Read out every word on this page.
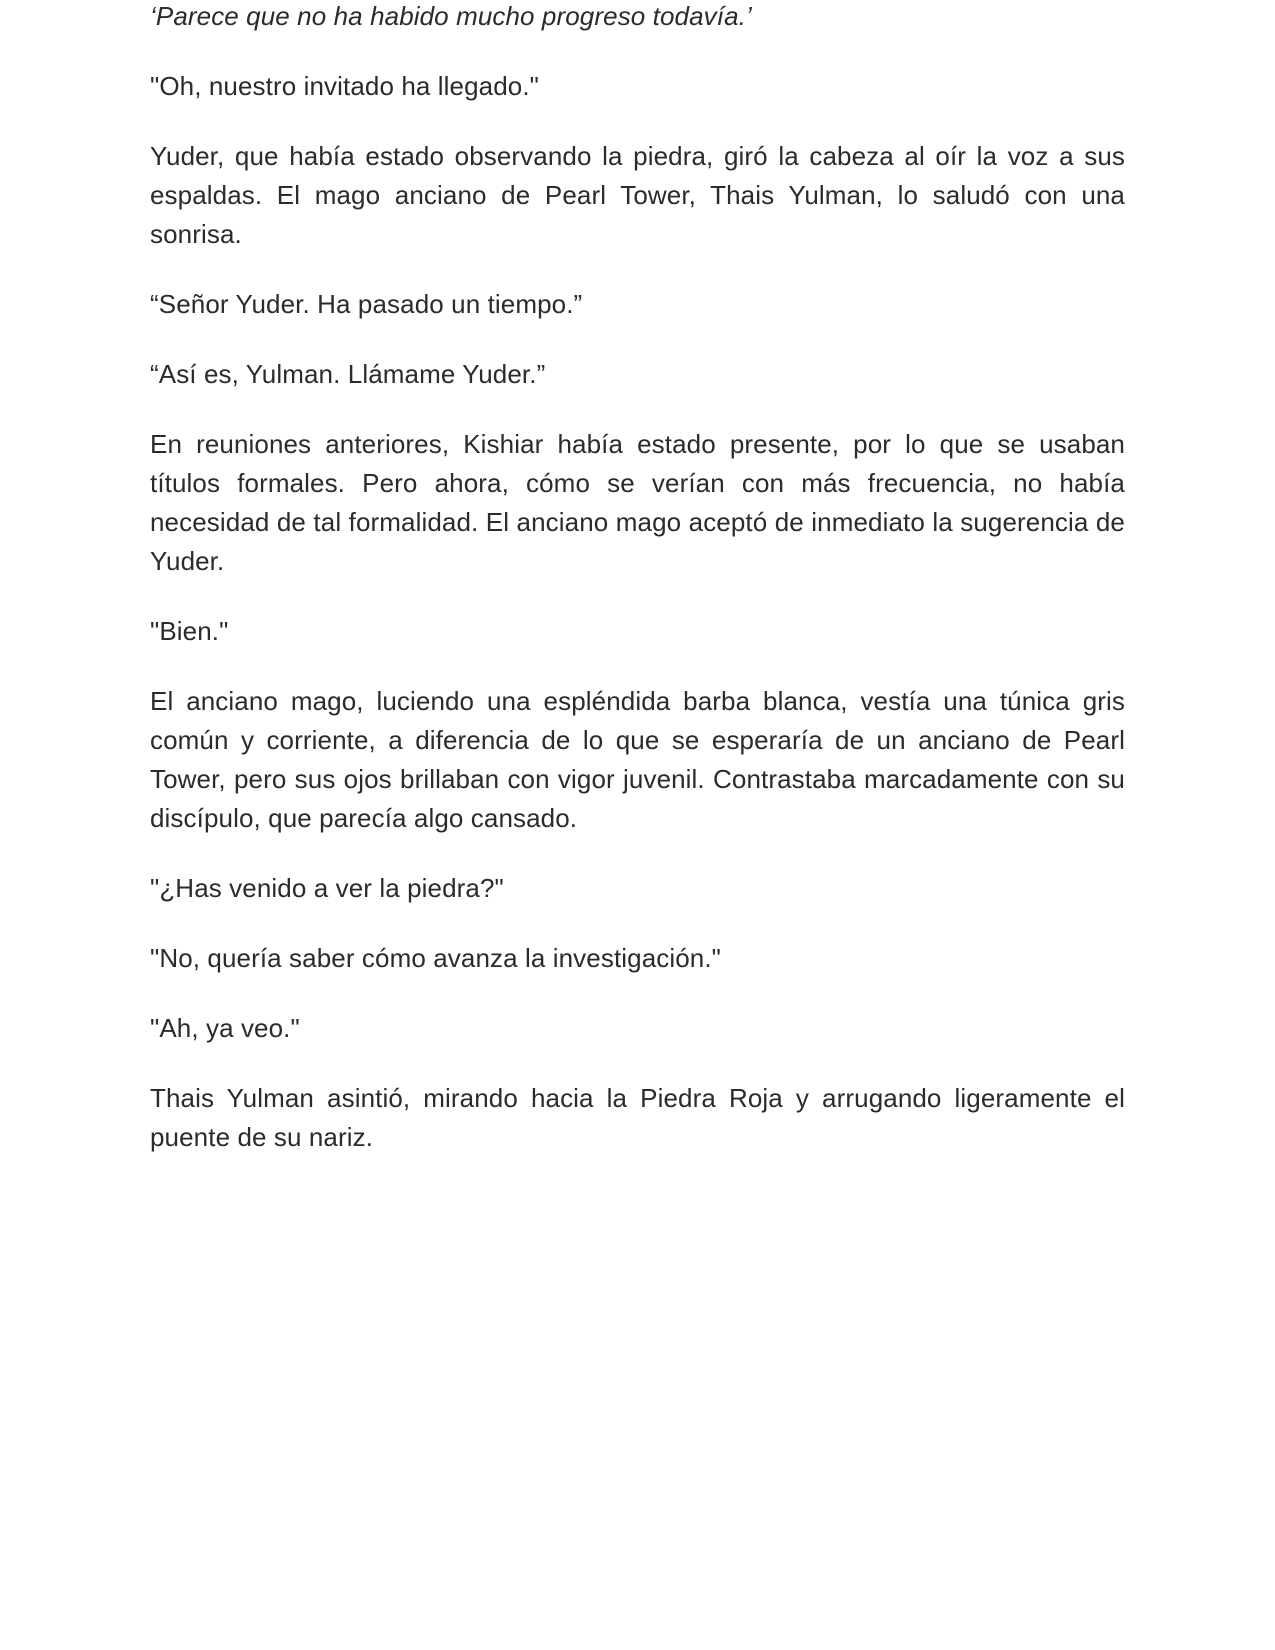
‘Parece que no ha habido mucho progreso todavía.’

"Oh, nuestro invitado ha llegado."

Yuder, que había estado observando la piedra, giró la cabeza al oír la voz a sus espaldas. El mago anciano de Pearl Tower, Thais Yulman, lo saludó con una sonrisa.

“Señor Yuder. Ha pasado un tiempo.”

“Así es, Yulman. Llámame Yuder.”

En reuniones anteriores, Kishiar había estado presente, por lo que se usaban títulos formales. Pero ahora, cómo se verían con más frecuencia, no había necesidad de tal formalidad. El anciano mago aceptó de inmediato la sugerencia de Yuder.

"Bien."

El anciano mago, luciendo una espléndida barba blanca, vestía una túnica gris común y corriente, a diferencia de lo que se esperaría de un anciano de Pearl Tower, pero sus ojos brillaban con vigor juvenil. Contrastaba marcadamente con su discípulo, que parecía algo cansado.

"¿Has venido a ver la piedra?"

"No, quería saber cómo avanza la investigación."

"Ah, ya veo."

Thais Yulman asintió, mirando hacia la Piedra Roja y arrugando ligeramente el puente de su nariz.
